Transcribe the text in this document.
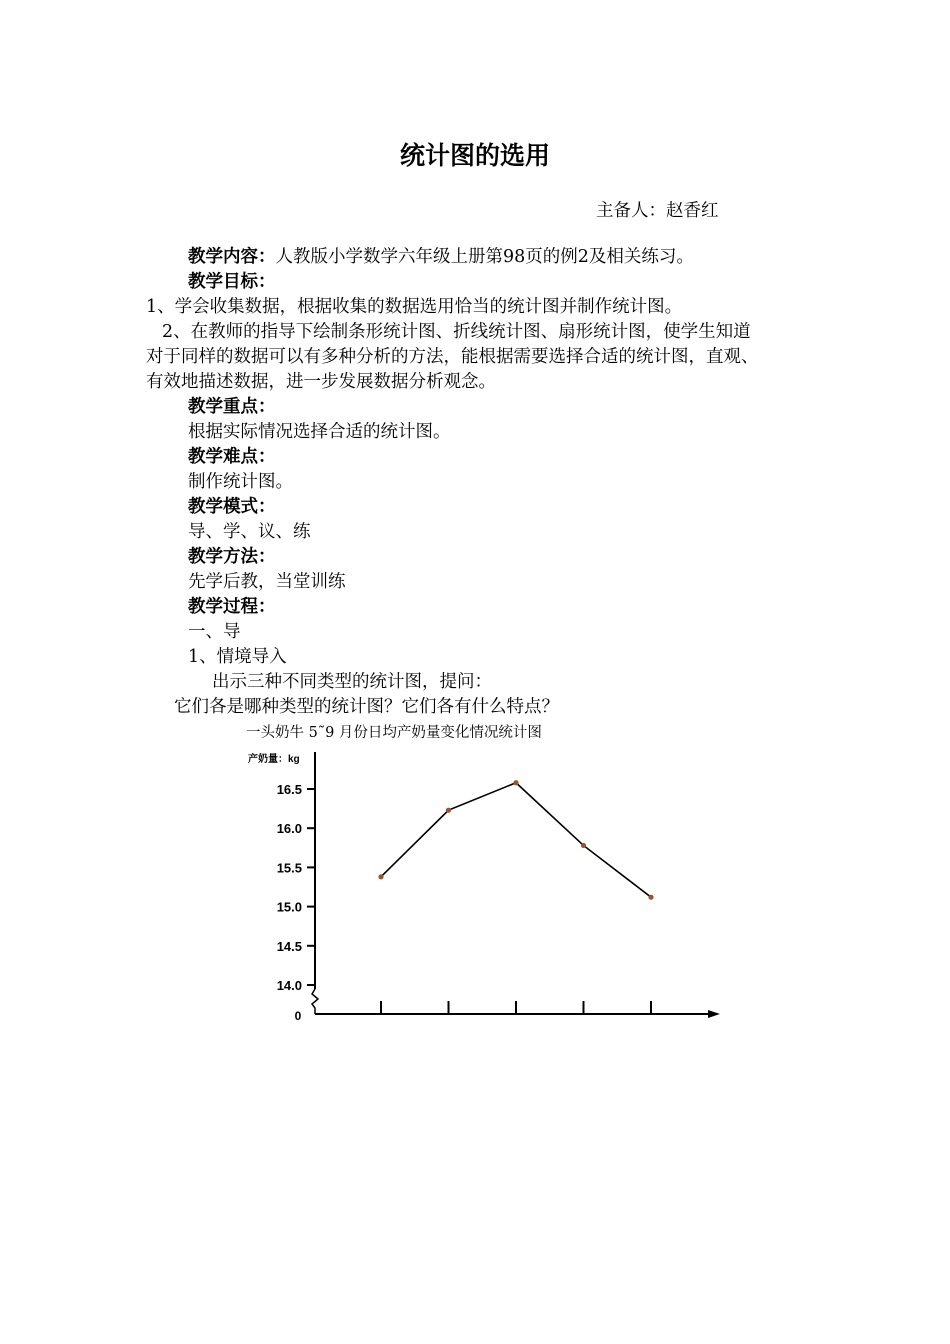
统计图的选用
主备人：赵香红
教学内容：人教版小学数学六年级上册第98页的例2及相关练习。
教学目标：
1、学会收集数据，根据收集的数据选用恰当的统计图并制作统计图。
2、在教师的指导下绘制条形统计图、折线统计图、扇形统计图，使学生知道
对于同样的数据可以有多种分析的方法，能根据需要选择合适的统计图，直观、
有效地描述数据，进一步发展数据分析观念。
教学重点：
根据实际情况选择合适的统计图。
教学难点：
制作统计图。
教学模式：
导、学、议、练
教学方法：
先学后教，当堂训练
教学过程：
一、导
1、情境导入
出示三种不同类型的统计图，提问：
它们各是哪种类型的统计图？它们各有什么特点？
一头奶牛 5˜9 月份日均产奶量变化情况统计图
产奶量：kg
0
16.5
16.0
15.5
15.0
14.5
14.0
